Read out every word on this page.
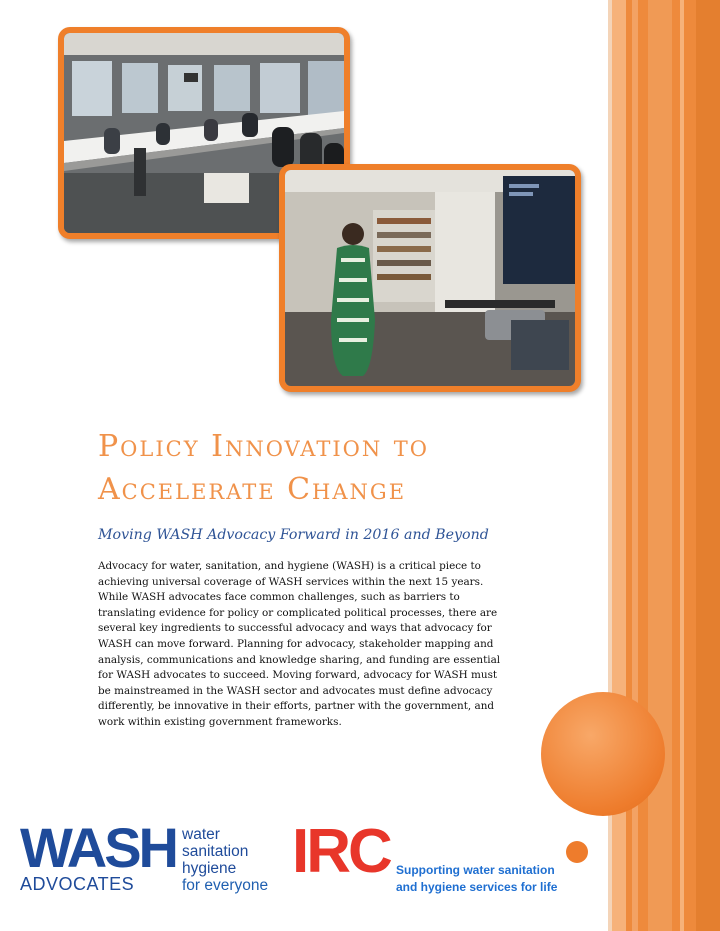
Policy Innovation to
Accelerate Change
Moving WASH Advocacy Forward in 2016 and Beyond
Advocacy for water, sanitation, and hygiene (WASH) is a critical piece to
achieving universal coverage of WASH services within the next 15 years.
While WASH advocates face common challenges, such as barriers to
translating evidence for policy or complicated political processes, there are
several key ingredients to successful advocacy and ways that advocacy for
WASH can move forward. Planning for advocacy, stakeholder mapping and
analysis, communications and knowledge sharing, and funding are essential
for WASH advocates to succeed. Moving forward, advocacy for WASH must
be mainstreamed in the WASH sector and advocates must define advocacy
differently, be innovative in their efforts, partner with the government, and
work within existing government frameworks.
WASH
ADVOCATES
water
sanitation
hygiene
for everyone IRC Supporting water sanitation
and hygiene services for life
